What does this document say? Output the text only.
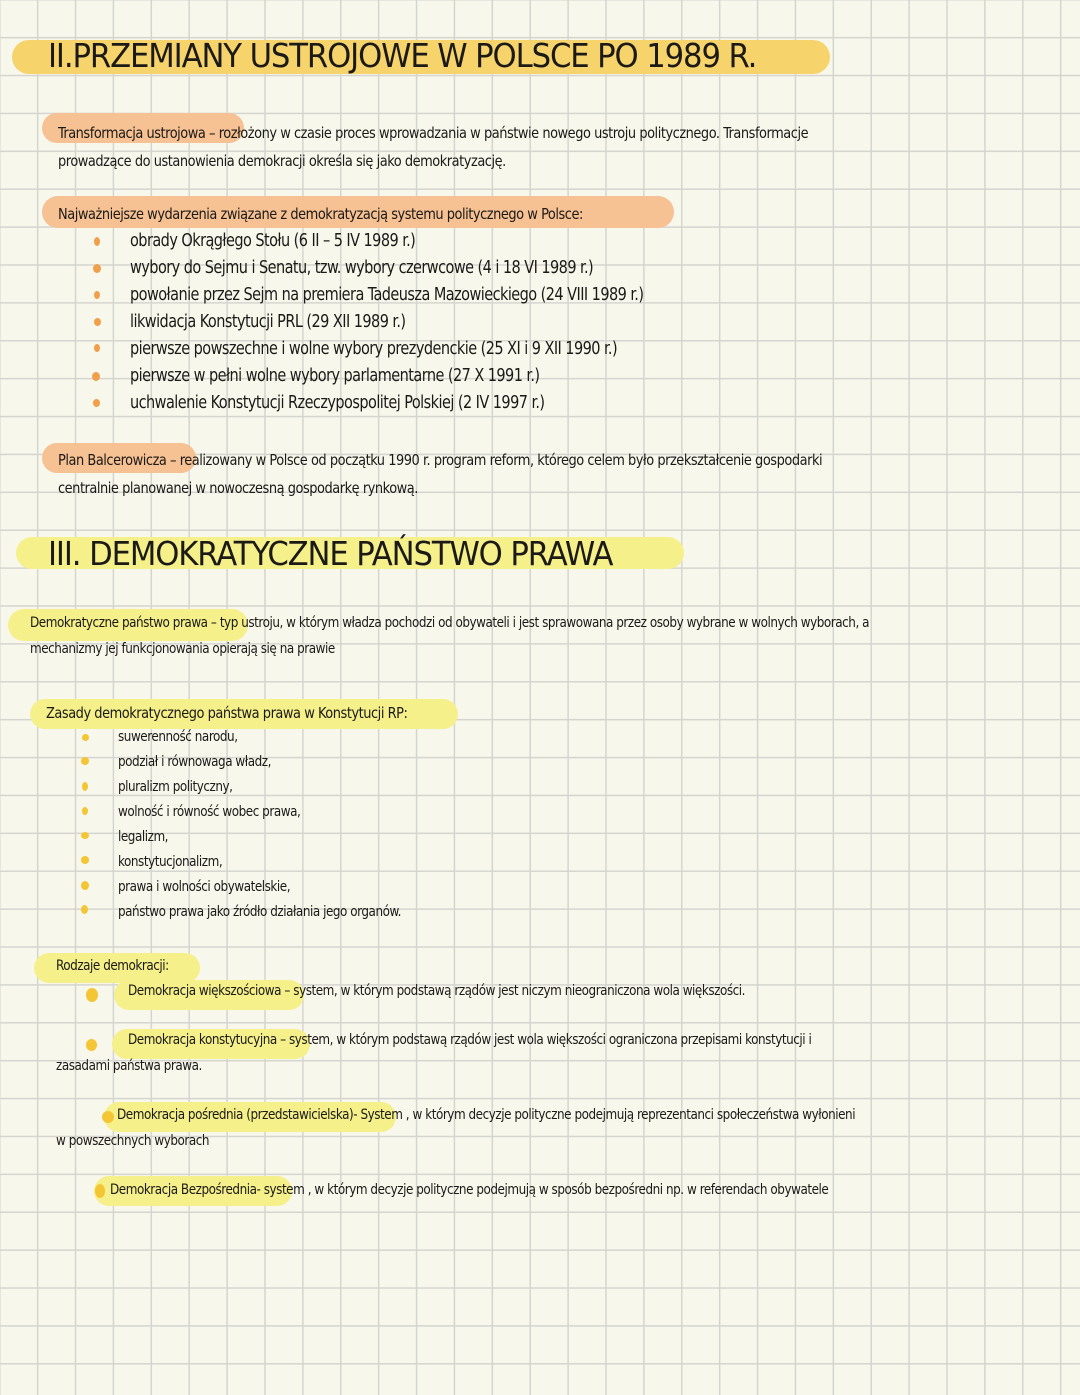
II.PRZEMIANY USTROJOWE W POLSCE PO 1989 R.
Transformacja ustrojowa – rozłożony w czasie proces wprowadzania w państwie nowego ustroju politycznego. Transformacje
prowadzące do ustanowienia demokracji określa się jako demokratyzację.
Najważniejsze wydarzenia związane z demokratyzacją systemu politycznego w Polsce:
obrady Okrągłego Stołu (6 II – 5 IV 1989 r.)
wybory do Sejmu i Senatu, tzw. wybory czerwcowe (4 i 18 VI 1989 r.)
powołanie przez Sejm na premiera Tadeusza Mazowieckiego (24 VIII 1989 r.)
likwidacja Konstytucji PRL (29 XII 1989 r.)
pierwsze powszechne i wolne wybory prezydenckie (25 XI i 9 XII 1990 r.)
pierwsze w pełni wolne wybory parlamentarne (27 X 1991 r.)
uchwalenie Konstytucji Rzeczypospolitej Polskiej (2 IV 1997 r.)
Plan Balcerowicza – realizowany w Polsce od początku 1990 r. program reform, którego celem było przekształcenie gospodarki
centralnie planowanej w nowoczesną gospodarkę rynkową.
III. DEMOKRATYCZNE PAŃSTWO PRAWA
Demokratyczne państwo prawa – typ ustroju, w którym władza pochodzi od obywateli i jest sprawowana przez osoby wybrane w wolnych wyborach, a
mechanizmy jej funkcjonowania opierają się na prawie
Zasady demokratycznego państwa prawa w Konstytucji RP:
suwerenność narodu,
podział i równowaga władz,
pluralizm polityczny,
wolność i równość wobec prawa,
legalizm,
konstytucjonalizm,
prawa i wolności obywatelskie,
państwo prawa jako źródło działania jego organów.
Rodzaje demokracji:
Demokracja większościowa – system, w którym podstawą rządów jest niczym nieograniczona wola większości.
Demokracja konstytucyjna – system, w którym podstawą rządów jest wola większości ograniczona przepisami konstytucji i
zasadami państwa prawa.
Demokracja pośrednia (przedstawicielska)- System , w którym decyzje polityczne podejmują reprezentanci społeczeństwa wyłonieni
w powszechnych wyborach
Demokracja Bezpośrednia- system , w którym decyzje polityczne podejmują w sposób bezpośredni np. w referendach obywatele
